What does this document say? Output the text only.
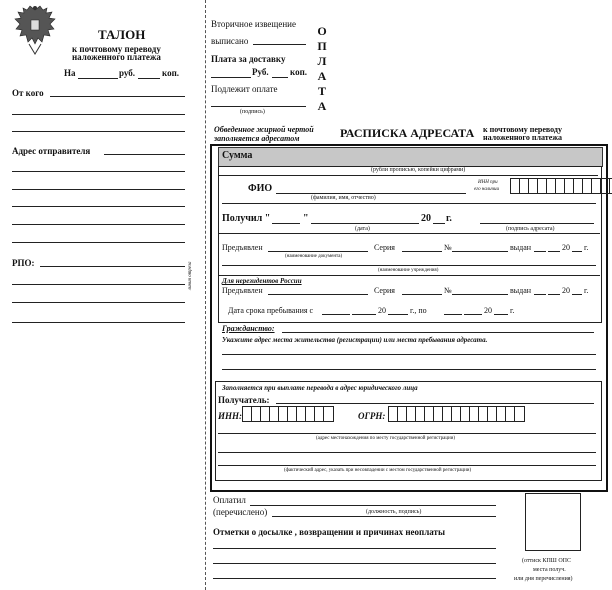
ТАЛОН
к почтовому переводу
наложенного платежа
На	руб.	коп.
От кого
Адрес отправителя
РПО:	линия отреза
Вторичное извещение
выписано
Плата за доставку
Руб. коп.
Подлежит оплате
(подпись)
ОПЛАТА
Обведенное жирной чертой
заполняется адресатом	РАСПИСКА АДРЕСАТА к почтовому переводу
наложенного платежа
Сумма
(рубли прописью, копейки цифрами)
ФИО
ИНН при
его наличии
(фамилия, имя, отчество)
Получил "	"	20 г.
(дата)	(подпись адресата)
Предъявлен	Серия	№	выдан	20 г.
(наименование документа)
(наименование учреждения)
Для нерезидентов России
Предъявлен	Серия	№	выдан	20 г.
Дата срока пребывания с	20	г., по	20 г.
Гражданство:
Укажите адрес места жительства (регистрации) или места пребывания адресата.
Заполняется при выплате перевода в адрес юридического лица
Получатель:
ИНН:	ОГРН:
(адрес местонахождения по месту государственной регистрации)
(фактический адрес, указать при несовпадении с местом государственной регистрации)
Оплатил
(перечислено)	(должность, подпись)
Отметки о досылке , возвращении и причинах неоплаты
(оттиск КПШ ОПС
места получ.
или дня перечисления)
